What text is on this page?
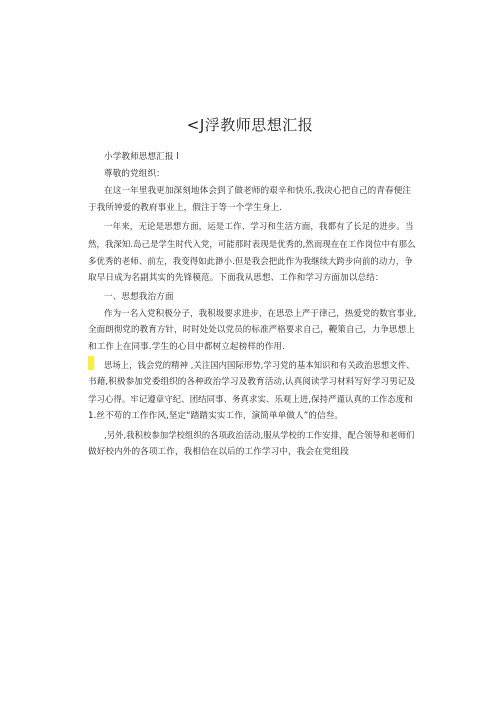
<J浮教师思想汇报
小学教师思想汇报 l
尊敬的党组织：
在这一年里我更加深刻地体会到了做老师的艰辛和快乐,我决心把自己的青春便注
于我所钟爱的教府事业上，假注于等一个学生身上.
一年来，无论是思想方面，运是工作、学习和生活方面，我都有了长足的进步。当
然，我深知.岛己是学生时代入党，可能那时表现是优秀的,然而现在在工作岗位中有那么
多优秀的老师、前左，我变得如此渺小.但是我会把此作为我继续大跨步向前的动力，争
取早日成为名副其实的先锋模范。下面我从思想、工作和学习方面加以总结：
一、思想我治方面
作为一名入党积极分子，我积圾要求进步，在思恐上严于律己，热爱党的数官事业,
全面朗彻党的教育方针，时时处处以党员的标准严格要求自己，鞭策自己，力争思想上
和工作上在同事.学生的心目中都树立起榜样的作用.
思场上，钱会党的精神 ,关注国内国际形势,学习党的基本知识和有关政治思想文件、
书藉,积极参加党委组织的各种政治学习及教育活动,认真阅读学习材料写好学习男记及
学习心得。牢记遵章守纪、团结同事、务真求实、乐观上进,保持严谨认真的工作态度和
1.丝不苟的工作作风,坚定“踏踏实实工作，演简单单做人”的信叁。
,另外,我积校参加学校组织的各项政治活动,服从学校的工作安排，配合领导和老师们
做好校内外的各项工作，我相信在以后的工作学习中，我会在党组段
